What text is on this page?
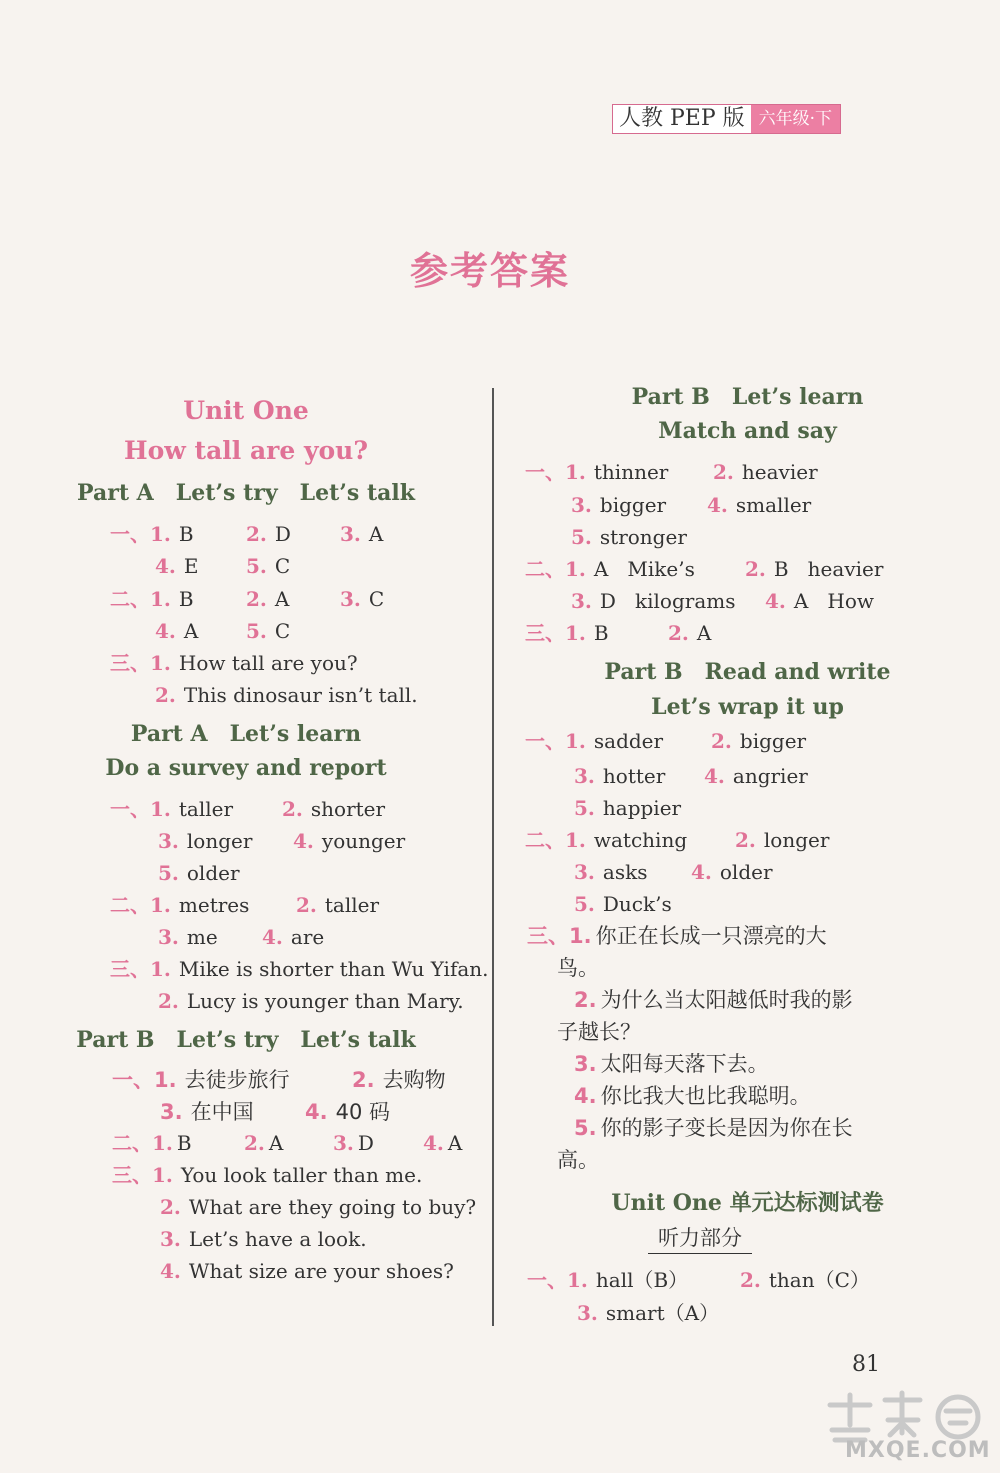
人教 PEP 版 六年级·下
参考答案
Unit One
How tall are you?
Part A Let’s try Let’s talk
一、1. B	2. D 3. A
4. E 5. C
二、1. B	2. A	3. C
4. A 5. C
三、1. How tall are you?
2. This dinosaur isn’t tall.
Part A Let’s learn
Do a survey and report
一、1. taller 2. shorter
3. longer 4. younger
5. older
二、1. metres 2. taller
3. me 4. are
三、1. Mike is shorter than Wu Yifan.
2. Lucy is younger than Mary.
Part B Let’s try Let’s talk
一、1. 去徒步旅行	2. 去购物
3. 在中国 4. 40 码
二、1. B	2. A 3. D 4. A
三、1. You look taller than me.
2. What are they going to buy?
3. Let’s have a look.
4. What size are your shoes?
Part B Let’s learn
Match and say
一、1. thinner 2. heavier
3. bigger 4. smaller
5. stronger
二、1. A Mike’s	2. B heavier
3. D kilograms 4. A How
三、1. B	2. A
Part B Read and write
Let’s wrap it up
一、1. sadder 2. bigger
3. hotter 4. angrier
5. happier
二、1. watching 2. longer
3. asks 4. older
5. Duck’s
三、1. 你正在长成一只漂亮的大
鸟。
2. 为什么当太阳越低时我的影
子越长？
3. 太阳每天落下去。
4. 你比我大也比我聪明。
5. 你的影子变长是因为你在长
高。
Unit One 单元达标测试卷
听力部分
一、1. hall（B）	2. than（C）
3. smart（A）
81
MXQE.COM
